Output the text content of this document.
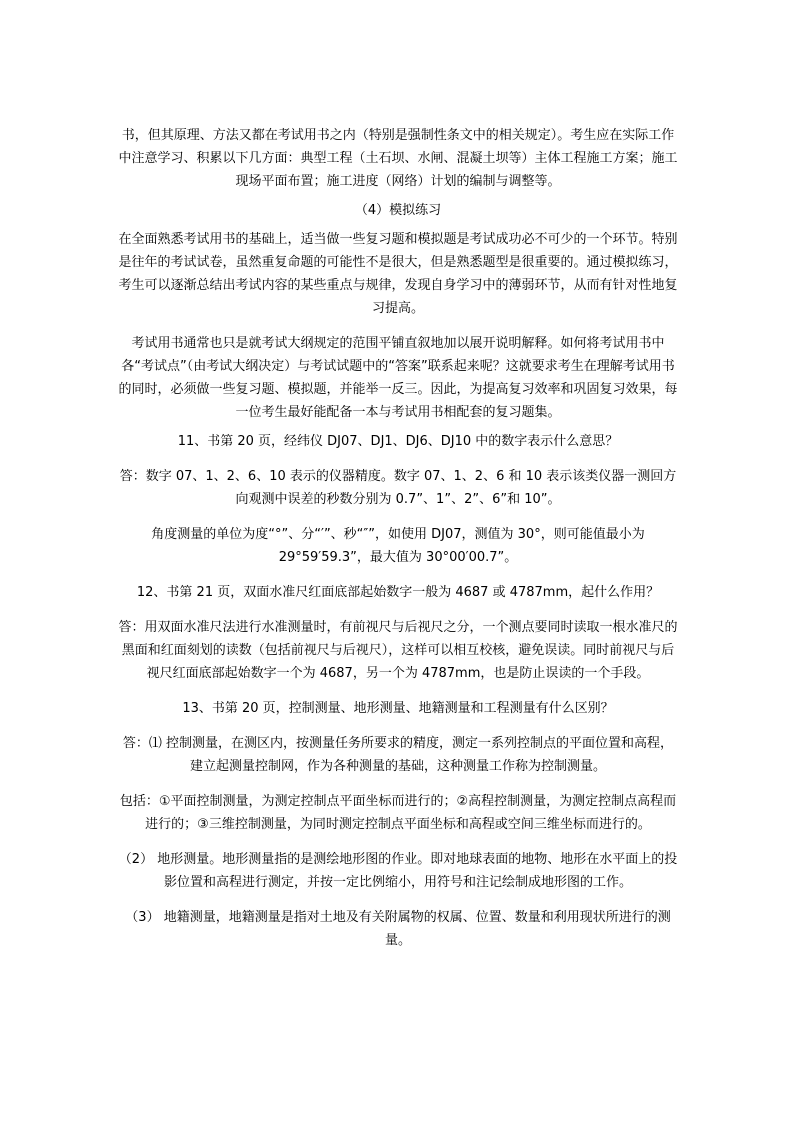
书，但其原理、方法又都在考试用书之内（特别是强制性条文中的相关规定）。考生应在实际工作中注意学习、积累以下几方面：典型工程（土石坝、水闸、混凝土坝等）主体工程施工方案；施工现场平面布置；施工进度（网络）计划的编制与调整等。

（4）模拟练习

在全面熟悉考试用书的基础上，适当做一些复习题和模拟题是考试成功必不可少的一个环节。特别是往年的考试试卷，虽然重复命题的可能性不是很大，但是熟悉题型是很重要的。通过模拟练习，考生可以逐渐总结出考试内容的某些重点与规律，发现自身学习中的薄弱环节，从而有针对性地复习提高。

考试用书通常也只是就考试大纲规定的范围平铺直叙地加以展开说明解释。如何将考试用书中各“考试点”（由考试大纲决定）与考试试题中的“答案”联系起来呢？这就要求考生在理解考试用书的同时，必须做一些复习题、模拟题，并能举一反三。因此，为提高复习效率和巩固复习效果，每一位考生最好能配备一本与考试用书相配套的复习题集。

11、书第 20 页，经纬仪 DJ07、DJ1、DJ6、DJ10 中的数字表示什么意思？

答：数字 07、1、2、6、10 表示的仪器精度。数字 07、1、2、6 和 10 表示该类仪器一测回方向观测中误差的秒数分别为 0.7”、1”、2”、6”和 10”。

角度测量的单位为度“°”、分“′”、秒“″”，如使用 DJ07，测值为 30°，则可能值最小为 29°59′59.3”，最大值为 30°00′00.7”。

12、书第 21 页，双面水准尺红面底部起始数字一般为 4687 或 4787mm，起什么作用？

答：用双面水准尺法进行水准测量时，有前视尺与后视尺之分，一个测点要同时读取一根水准尺的黑面和红面刻划的读数（包括前视尺与后视尺），这样可以相互校核，避免误读。同时前视尺与后视尺红面底部起始数字一个为 4687，另一个为 4787mm，也是防止误读的一个手段。

13、书第 20 页，控制测量、地形测量、地籍测量和工程测量有什么区别？

答：⑴ 控制测量，在测区内，按测量任务所要求的精度，测定一系列控制点的平面位置和高程，建立起测量控制网，作为各种测量的基础，这种测量工作称为控制测量。

包括：①平面控制测量，为测定控制点平面坐标而进行的；②高程控制测量，为测定控制点高程而进行的；③三维控制测量，为同时测定控制点平面坐标和高程或空间三维坐标而进行的。

（2） 地形测量。地形测量指的是测绘地形图的作业。即对地球表面的地物、地形在水平面上的投影位置和高程进行测定，并按一定比例缩小，用符号和注记绘制成地形图的工作。

（3） 地籍测量，地籍测量是指对土地及有关附属物的权属、位置、数量和利用现状所进行的测量。
